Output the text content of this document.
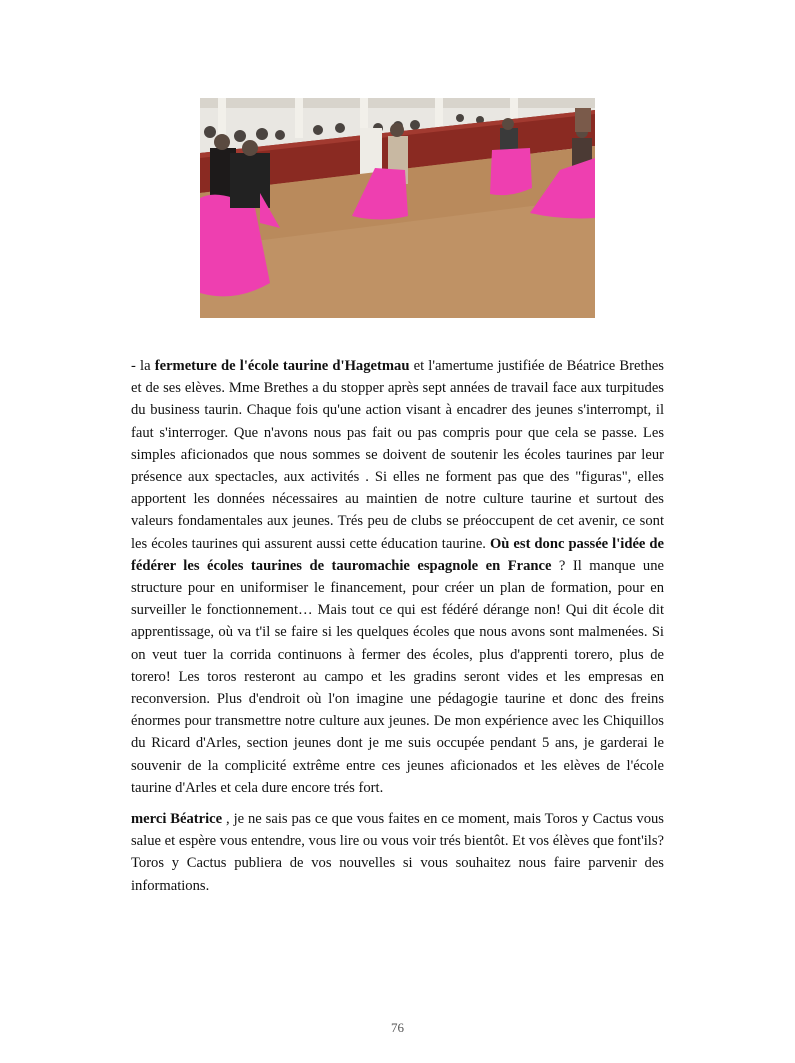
- la fermeture de l'école taurine d'Hagetmau et l'amertume justifiée de Béatrice Brethes et de ses elèves. Mme Brethes a du stopper après sept années de travail face aux turpitudes du business taurin. Chaque fois qu'une action visant à encadrer des jeunes s'interrompt, il faut s'interroger. Que n'avons nous pas fait ou pas compris pour que cela se passe. Les simples aficionados que nous sommes se doivent de soutenir les écoles taurines par leur présence aux spectacles, aux activités . Si elles ne forment pas que des "figuras", elles apportent les données nécessaires au maintien de notre culture taurine et surtout des valeurs fondamentales aux jeunes. Trés peu de clubs se préoccupent de cet avenir, ce sont les écoles taurines qui assurent aussi cette éducation taurine. Où est donc passée l'idée de fédérer les écoles taurines de tauromachie espagnole en France ? Il manque une structure pour en uniformiser le financement, pour créer un plan de formation, pour en surveiller le fonctionnement… Mais tout ce qui est fédéré dérange non! Qui dit école dit apprentissage, où va t'il se faire si les quelques écoles que nous avons sont malmenées. Si on veut tuer la corrida continuons à fermer des écoles, plus d'apprenti torero, plus de torero! Les toros resteront au campo et les gradins seront vides et les empresas en reconversion. Plus d'endroit où l'on imagine une pédagogie taurine et donc des freins énormes pour transmettre notre culture aux jeunes. De mon expérience avec les Chiquillos du Ricard d'Arles, section jeunes dont je me suis occupée pendant 5 ans, je garderai le souvenir de la complicité extrême entre ces jeunes aficionados et les elèves de l'école taurine d'Arles et cela dure encore trés fort.

merci Béatrice , je ne sais pas ce que vous faites en ce moment, mais Toros y Cactus vous salue et espère vous entendre, vous lire ou vous voir trés bientôt. Et vos élèves que font'ils? Toros y Cactus publiera de vos nouvelles si vous souhaitez nous faire parvenir des informations.

76
